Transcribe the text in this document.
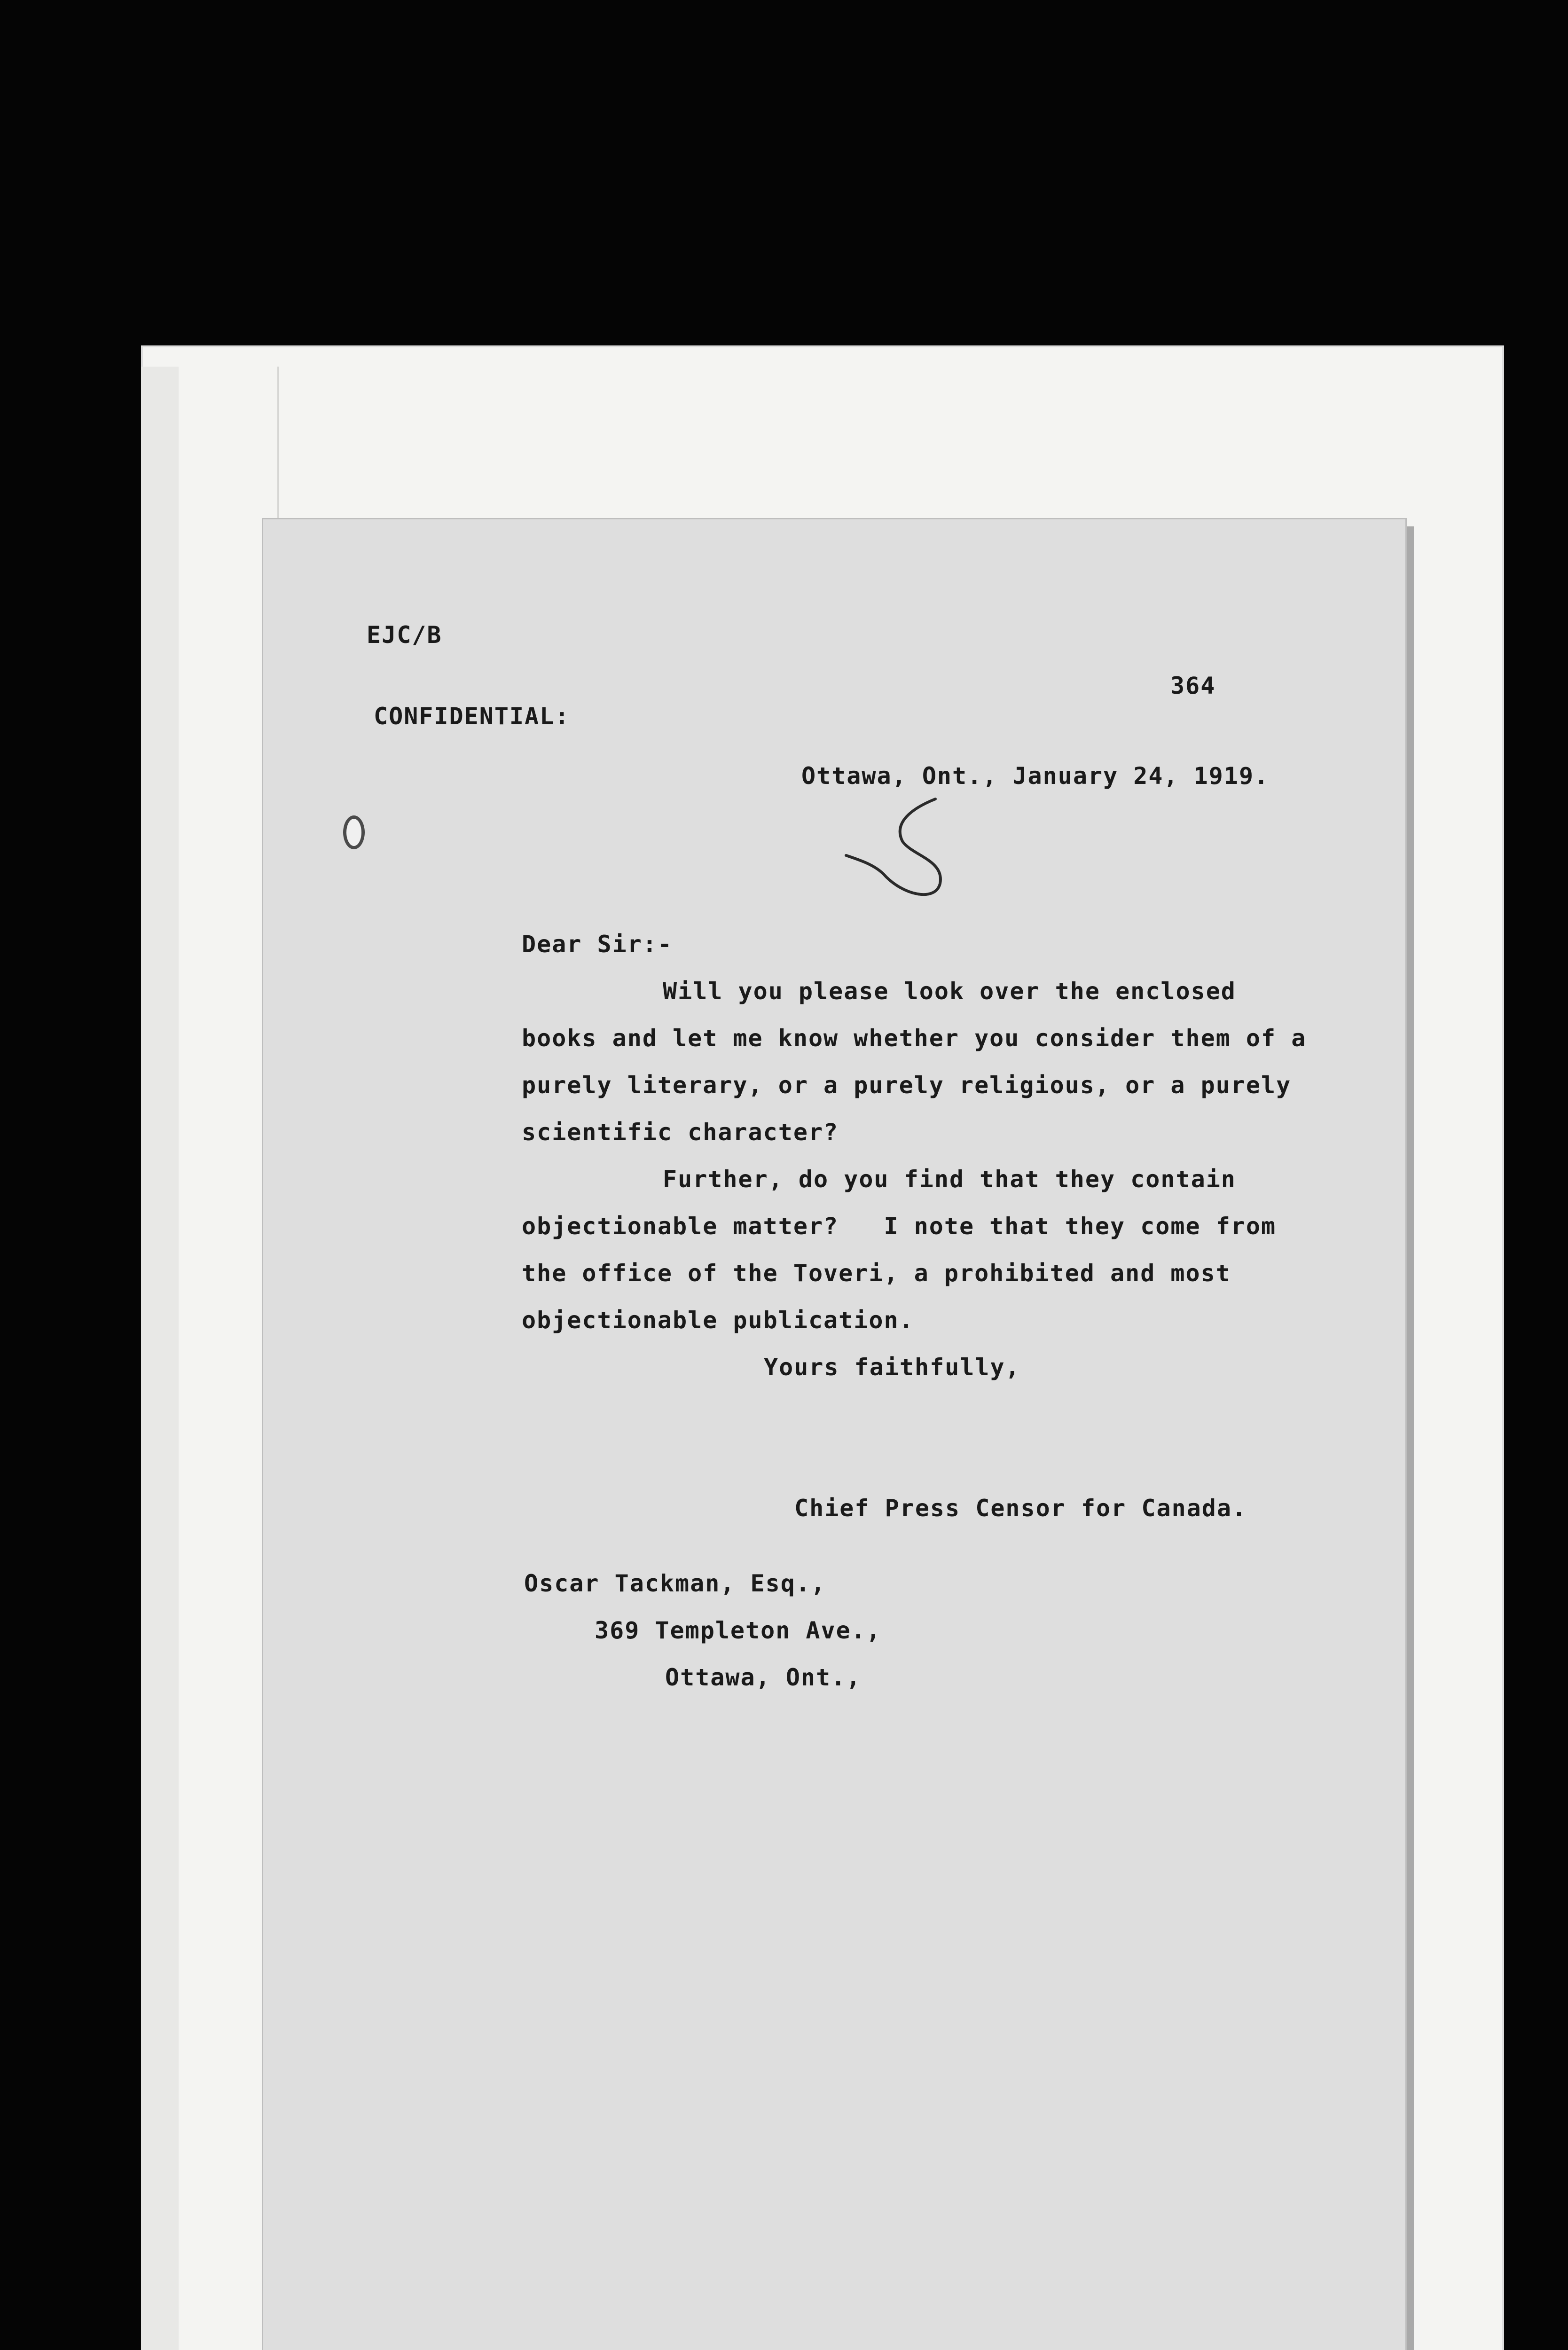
EJC/B
364
CONFIDENTIAL:
Ottawa, Ont., January 24, 1919.
Dear Sir:-
Will you please look over the enclosed
books and let me know whether you consider them of a
purely literary, or a purely religious, or a purely
scientific character?
Further, do you find that they contain
objectionable matter?   I note that they come from
the office of the Toveri, a prohibited and most
objectionable publication.
Yours faithfully,
Chief Press Censor for Canada.
Oscar Tackman, Esq.,
369 Templeton Ave.,
Ottawa, Ont.,
